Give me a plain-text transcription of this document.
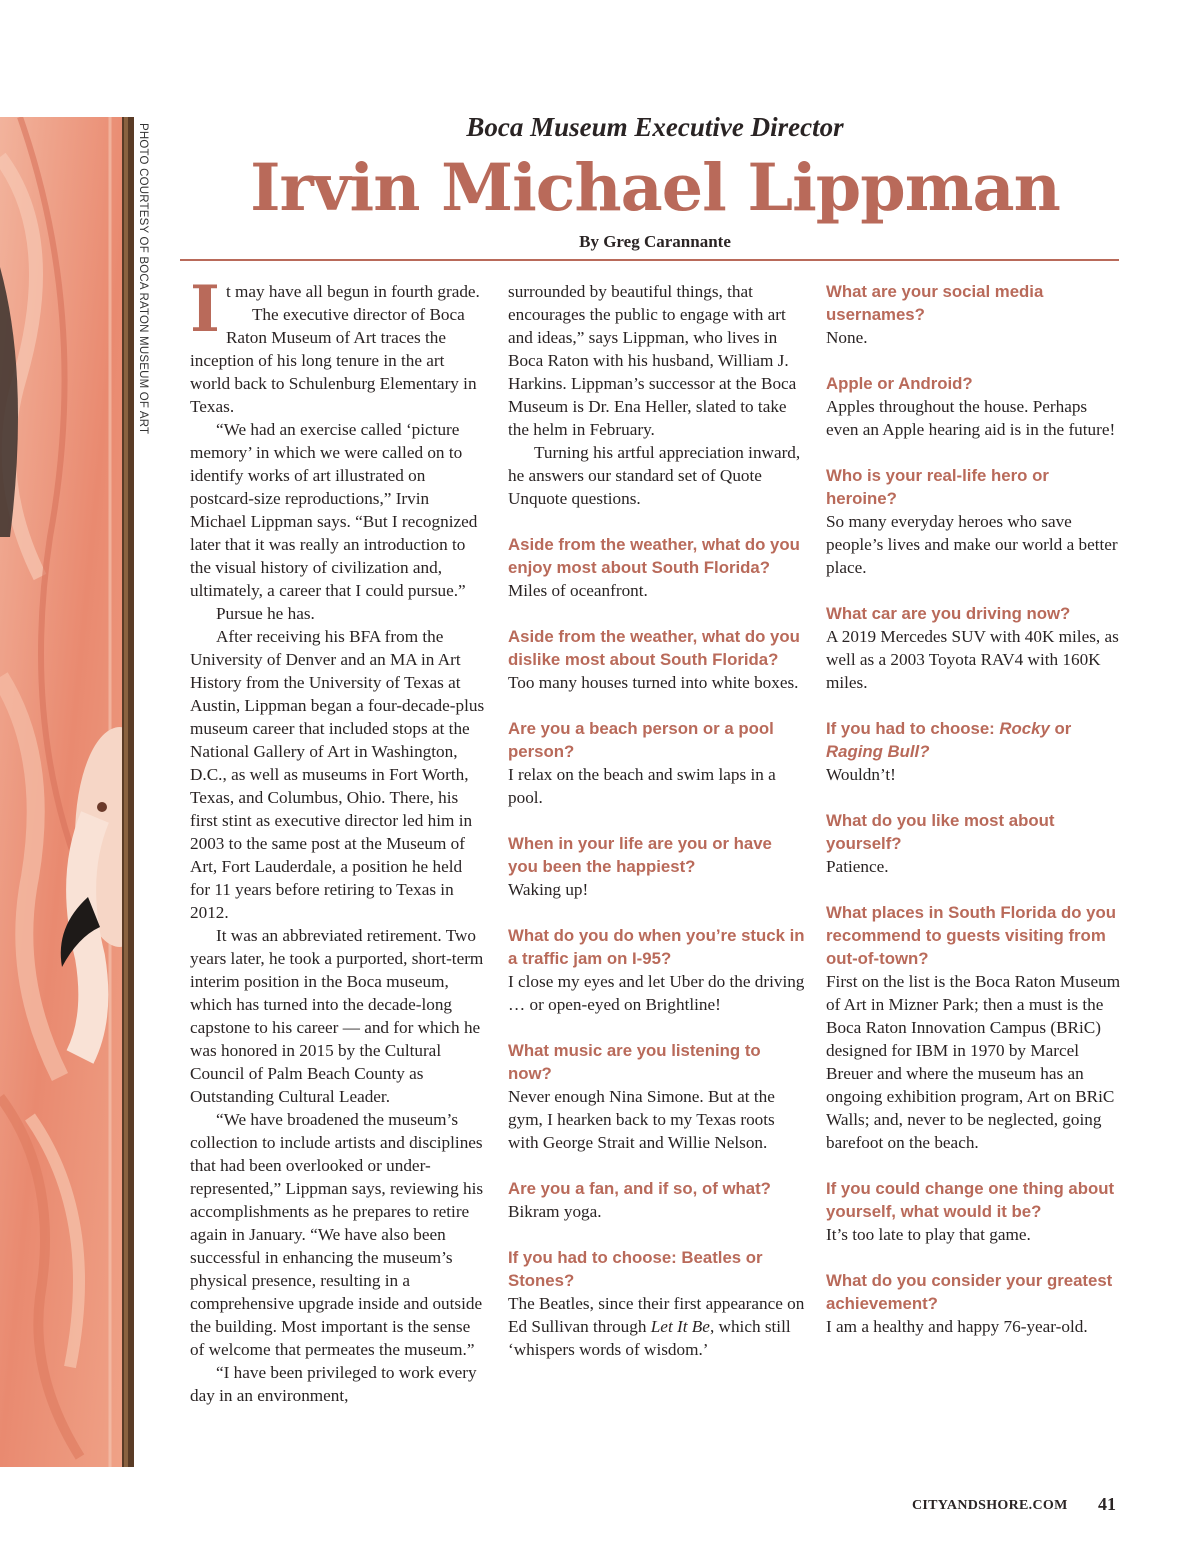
PHOTO COURTESY OF BOCA RATON MUSEUM OF ART	Boca Museum Executive Director
Irvin Michael Lippman
By Greg Carannante

It may have all begun in fourth grade.

The executive director of Boca Raton Museum of Art traces the inception of his long tenure in the art world back to Schulenburg Elementary in Texas.

“We had an exercise called ‘picture memory’ in which we were called on to identify works of art illustrated on postcard-size reproductions,” Irvin Michael Lippman says. “But I recognized later that it was really an introduction to the visual history of civilization and, ultimately, a career that I could pursue.”

Pursue he has.

After receiving his BFA from the University of Denver and an MA in Art History from the University of Texas at Austin, Lippman began a four-decade-plus museum career that included stops at the National Gallery of Art in Washington, D.C., as well as museums in Fort Worth, Texas, and Columbus, Ohio. There, his first stint as executive director led him in 2003 to the same post at the Museum of Art, Fort Lauderdale, a position he held for 11 years before retiring to Texas in 2012.

It was an abbreviated retirement. Two years later, he took a purported, short-term interim position in the Boca museum, which has turned into the decade-long capstone to his career — and for which he was honored in 2015 by the Cultural Council of Palm Beach County as Outstanding Cultural Leader.

“We have broadened the museum’s collection to include artists and disciplines that had been overlooked or under-represented,” Lippman says, reviewing his accomplishments as he prepares to retire again in January. “We have also been successful in enhancing the museum’s physical presence, resulting in a comprehensive upgrade inside and outside the building. Most important is the sense of welcome that permeates the museum.”

“I have been privileged to work every day in an environment,

surrounded by beautiful things, that encourages the public to engage with art and ideas,” says Lippman, who lives in Boca Raton with his husband, William J. Harkins. Lippman’s successor at the Boca Museum is Dr. Ena Heller, slated to take the helm in February.

Turning his artful appreciation inward, he answers our standard set of Quote Unquote questions.

Aside from the weather, what do you enjoy most about South Florida?
Miles of oceanfront.
Aside from the weather, what do you dislike most about South Florida?
Too many houses turned into white boxes.
Are you a beach person or a pool person?
I relax on the beach and swim laps in a pool.
When in your life are you or have you been the happiest?
Waking up!
What do you do when you’re stuck in a traffic jam on I-95?
I close my eyes and let Uber do the driving … or open-eyed on Brightline!
What music are you listening to now?
Never enough Nina Simone. But at the gym, I hearken back to my Texas roots with George Strait and Willie Nelson.
Are you a fan, and if so, of what?
Bikram yoga.
If you had to choose: Beatles or Stones?
The Beatles, since their first appearance on Ed Sullivan through Let It Be, which still ‘whispers words of wisdom.’
What are your social media usernames?
None.
Apple or Android?
Apples throughout the house. Perhaps even an Apple hearing aid is in the future!
Who is your real-life hero or heroine?
So many everyday heroes who save people’s lives and make our world a better place.
What car are you driving now?
A 2019 Mercedes SUV with 40K miles, as well as a 2003 Toyota RAV4 with 160K miles.
If you had to choose: Rocky or Raging Bull?
Wouldn’t!
What do you like most about yourself?
Patience.
What places in South Florida do you recommend to guests visiting from out-of-town?
First on the list is the Boca Raton Museum of Art in Mizner Park; then a must is the Boca Raton Innovation Campus (BRiC) designed for IBM in 1970 by Marcel Breuer and where the museum has an ongoing exhibition program, Art on BRiC Walls; and, never to be neglected, going barefoot on the beach.
If you could change one thing about yourself, what would it be?
It’s too late to play that game.
What do you consider your greatest achievement?
I am a healthy and happy 76-year-old.
CITYANDSHORE.COM 41
